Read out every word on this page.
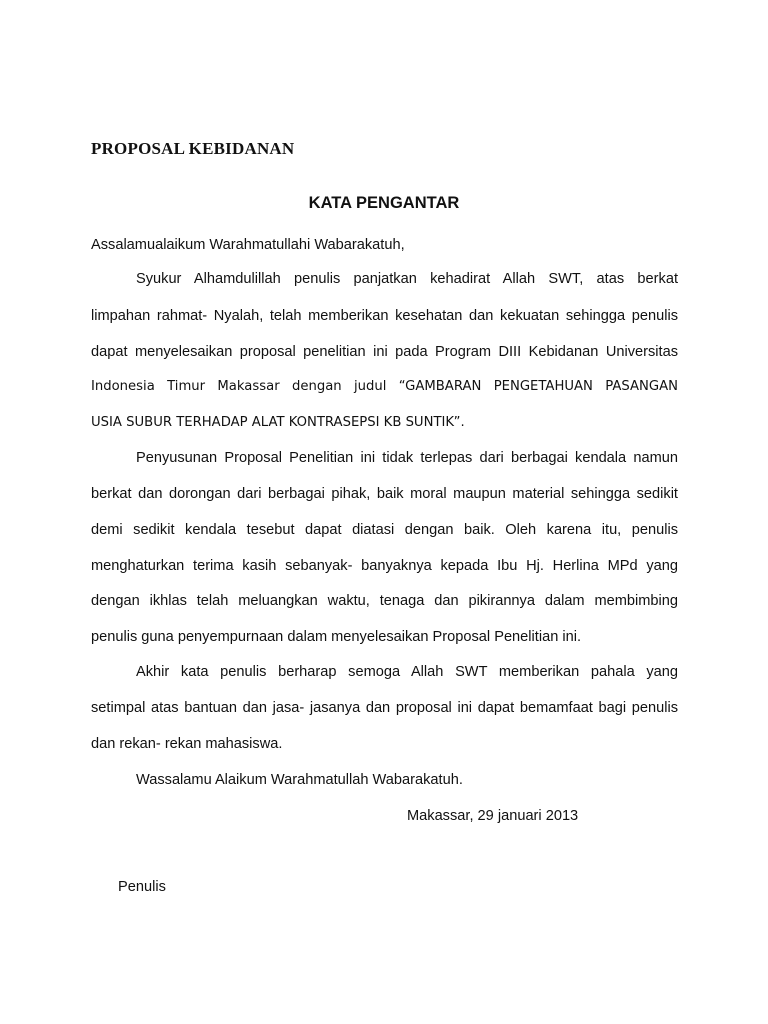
PROPOSAL KEBIDANAN
KATA PENGANTAR
Assalamualaikum Warahmatullahi Wabarakatuh,
Syukur Alhamdulillah penulis panjatkan kehadirat Allah SWT, atas berkat
limpahan rahmat- Nyalah, telah memberikan kesehatan dan kekuatan sehingga penulis
dapat menyelesaikan proposal penelitian ini pada Program DIII Kebidanan Universitas
Indonesia Timur Makassar dengan judul “GAMBARAN PENGETAHUAN PASANGAN
USIA SUBUR TERHADAP ALAT KONTRASEPSI KB SUNTIK”.
Penyusunan Proposal Penelitian ini tidak terlepas dari berbagai kendala namun
berkat dan dorongan dari berbagai pihak, baik moral maupun material sehingga sedikit
demi sedikit kendala tesebut dapat diatasi dengan baik. Oleh karena itu, penulis
menghaturkan terima kasih sebanyak- banyaknya kepada Ibu Hj. Herlina MPd yang
dengan ikhlas telah meluangkan waktu, tenaga dan pikirannya dalam membimbing
penulis guna penyempurnaan dalam menyelesaikan Proposal Penelitian ini.
Akhir kata penulis berharap semoga Allah SWT memberikan pahala yang
setimpal atas bantuan dan jasa- jasanya dan proposal ini dapat bemamfaat bagi penulis
dan rekan- rekan mahasiswa.
Wassalamu Alaikum Warahmatullah Wabarakatuh.
Makassar, 29 januari 2013
Penulis
